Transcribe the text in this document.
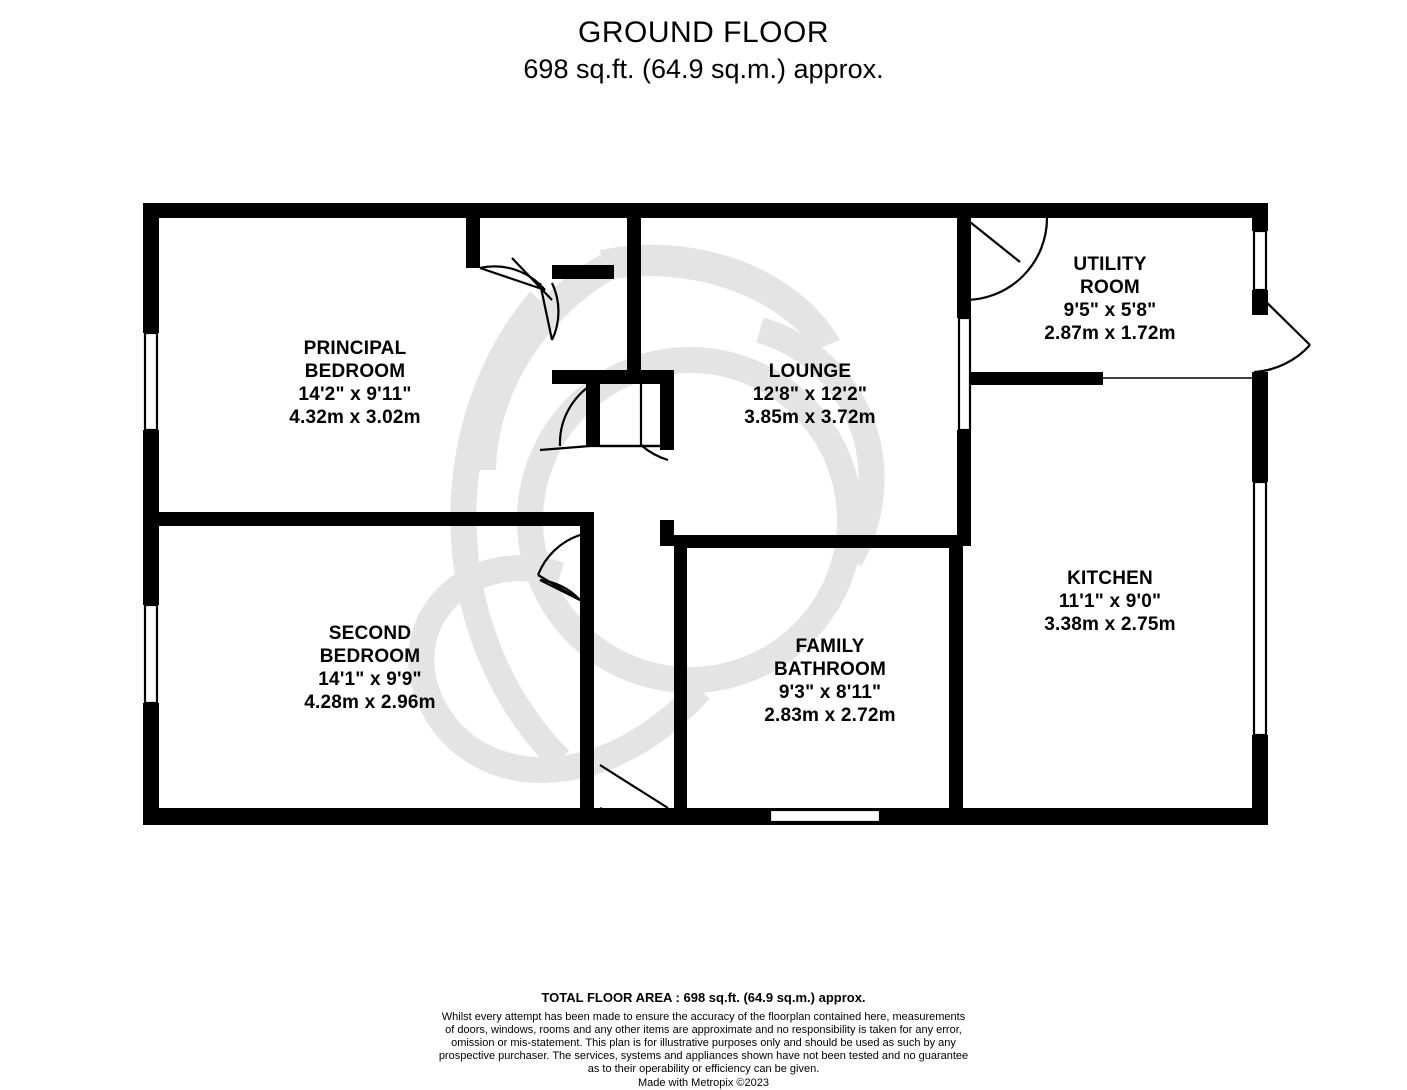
GROUND FLOOR
698 sq.ft. (64.9 sq.m.) approx.
PRINCIPAL
BEDROOM
14'2" x 9'11"
4.32m x 3.02m
SECOND
BEDROOM
14'1" x 9'9"
4.28m x 2.96m
LOUNGE
12'8" x 12'2"
3.85m x 3.72m
FAMILY
BATHROOM
9'3" x 8'11"
2.83m x 2.72m
UTILITY
ROOM
9'5" x 5'8"
2.87m x 1.72m
KITCHEN
11'1" x 9'0"
3.38m x 2.75m
TOTAL FLOOR AREA : 698 sq.ft. (64.9 sq.m.) approx.
Whilst every attempt has been made to ensure the accuracy of the floorplan contained here, measurements
of doors, windows, rooms and any other items are approximate and no responsibility is taken for any error,
omission or mis-statement. This plan is for illustrative purposes only and should be used as such by any
prospective purchaser. The services, systems and appliances shown have not been tested and no guarantee
as to their operability or efficiency can be given.
Made with Metropix ©2023
